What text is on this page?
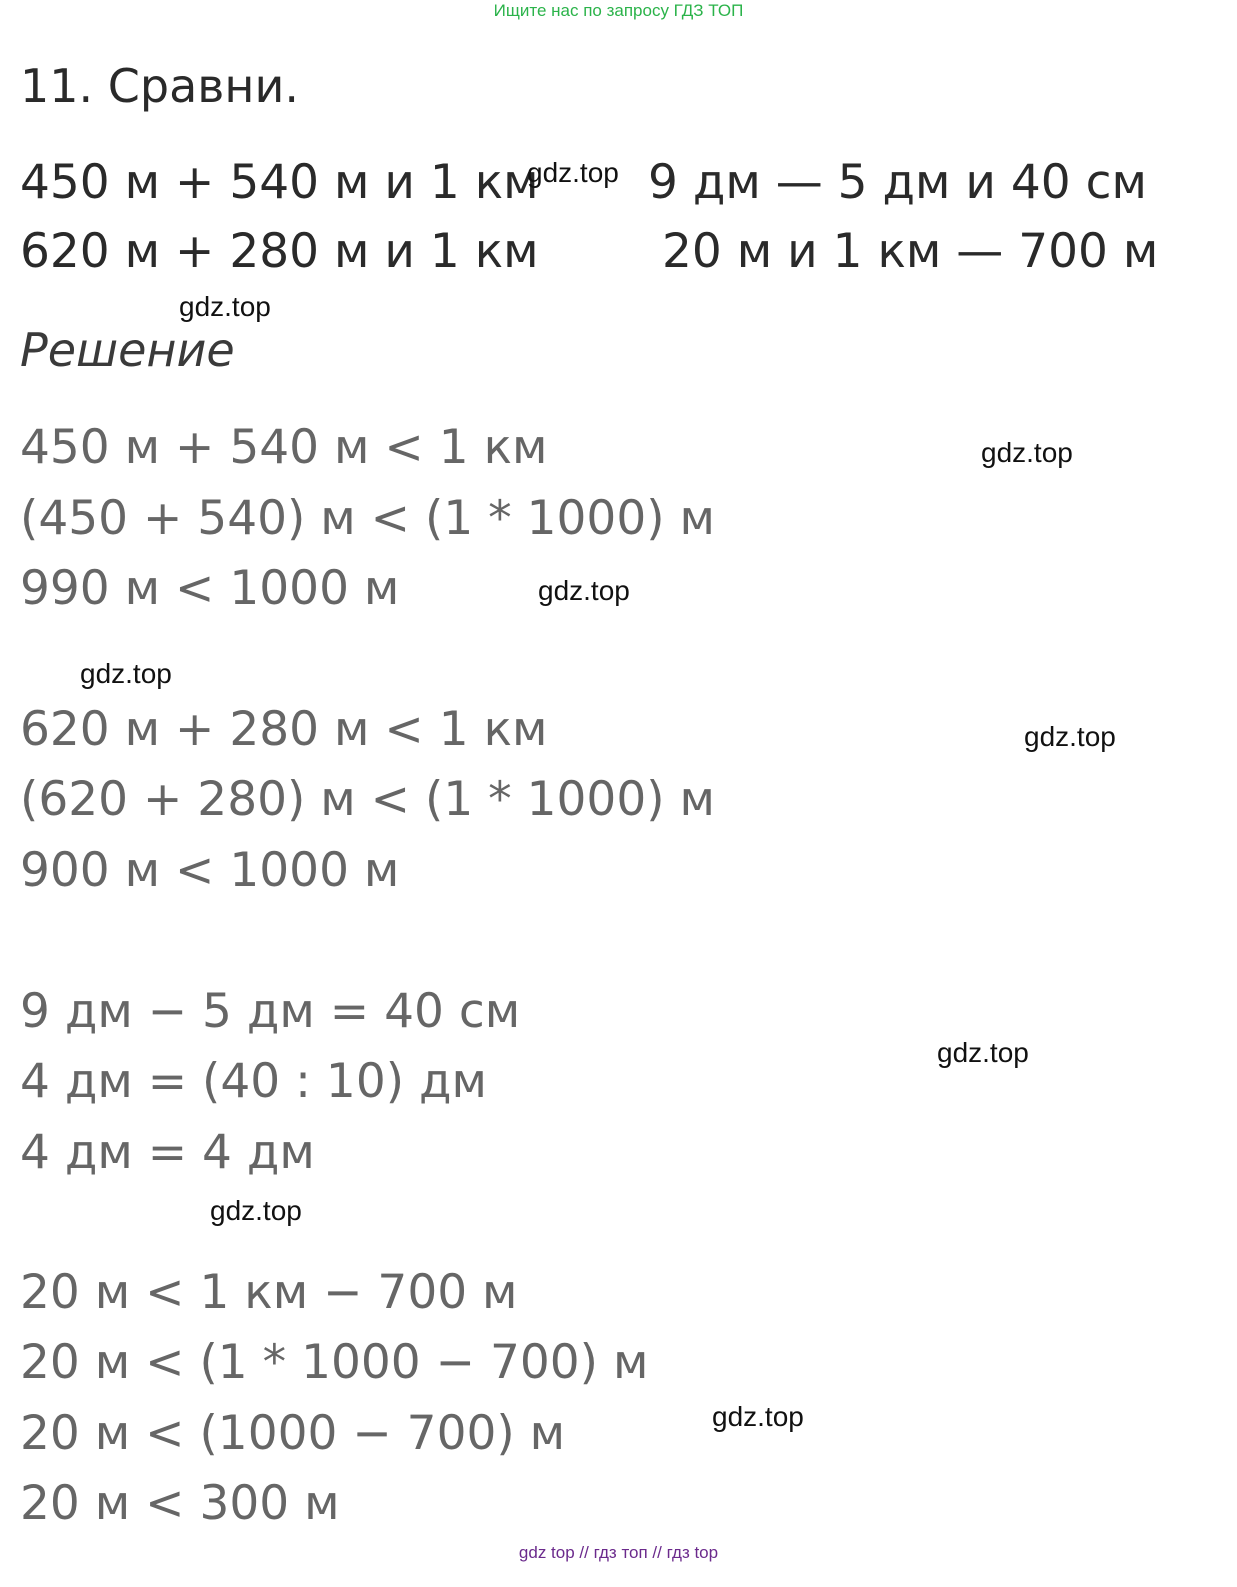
Ищите нас по запросу ГДЗ ТОП
11. Сравни.
450 м + 540 м и 1 км
620 м + 280 м и 1 км
9 дм — 5 дм и 40 см
20 м и 1 км — 700 м
Решение
450 м + 540 м < 1 км
(450 + 540) м < (1 * 1000) м
990 м < 1000 м
620 м + 280 м < 1 км
(620 + 280) м < (1 * 1000) м
900 м < 1000 м
9 дм − 5 дм = 40 см
4 дм = (40 : 10) дм
4 дм = 4 дм
20 м < 1 км − 700 м
20 м < (1 * 1000 − 700) м
20 м < (1000 − 700) м
20 м < 300 м
gdz.top
gdz.top
gdz.top
gdz.top
gdz.top
gdz.top
gdz.top
gdz.top
gdz.top
gdz top // гдз топ // гдз top
